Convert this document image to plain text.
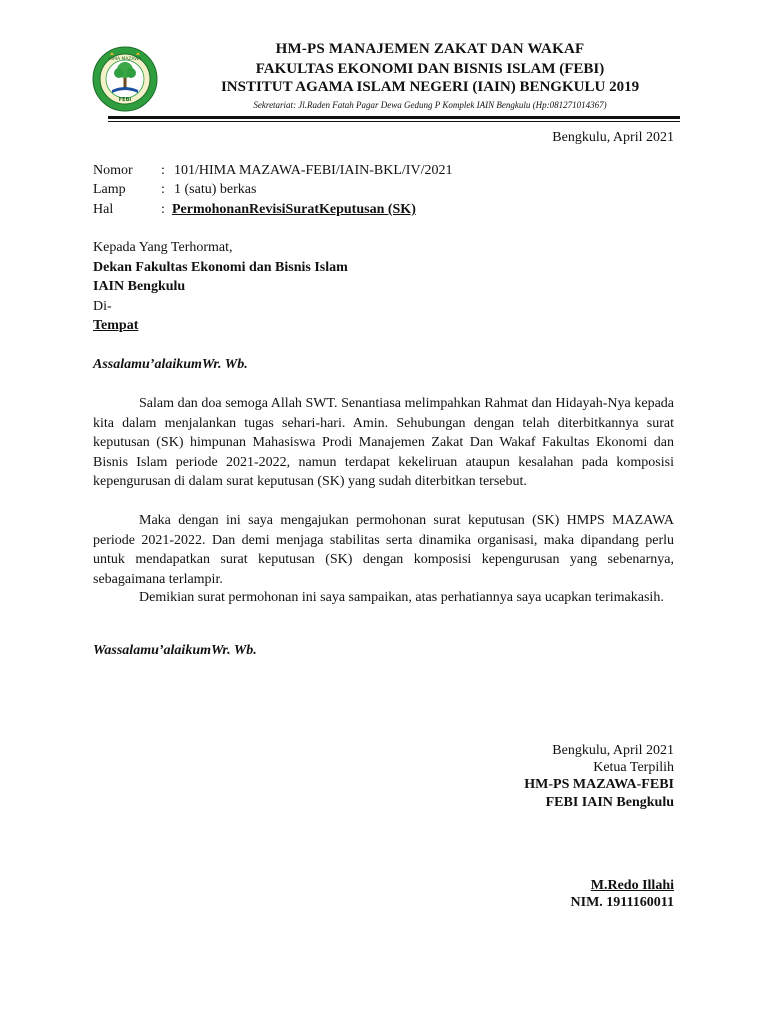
HIMA MAZAWA
FEBI
HM-PS MANAJEMEN ZAKAT DAN WAKAF
FAKULTAS EKONOMI DAN BISNIS ISLAM (FEBI)
INSTITUT AGAMA ISLAM NEGERI (IAIN) BENGKULU 2019
Sekretariat: Jl.Raden Fatah Pagar Dewa Gedung P Komplek IAIN Bengkulu (Hp:081271014367)
Bengkulu, April 2021
Nomor : 101/HIMA MAZAWA-FEBI/IAIN-BKL/IV/2021
Lamp	: 1 (satu) berkas
Hal	: PermohonanRevisiSuratKeputusan (SK)
Kepada Yang Terhormat,
Dekan Fakultas Ekonomi dan Bisnis Islam
IAIN Bengkulu
Di-
Tempat
Assalamu’alaikumWr. Wb.
Salam dan doa semoga Allah SWT. Senantiasa melimpahkan Rahmat dan Hidayah-Nya kepada kita dalam menjalankan tugas sehari-hari. Amin. Sehubungan dengan telah diterbitkannya surat keputusan (SK) himpunan Mahasiswa Prodi Manajemen Zakat Dan Wakaf Fakultas Ekonomi dan Bisnis Islam periode 2021-2022, namun terdapat kekeliruan ataupun kesalahan pada komposisi kepengurusan di dalam surat keputusan (SK) yang sudah diterbitkan tersebut.
Maka dengan ini saya mengajukan permohonan surat keputusan (SK) HMPS MAZAWA periode 2021-2022. Dan demi menjaga stabilitas serta dinamika organisasi, maka dipandang perlu untuk mendapatkan surat keputusan (SK) dengan komposisi kepengurusan yang sebenarnya, sebagaimana terlampir.
Demikian surat permohonan ini saya sampaikan, atas perhatiannya saya ucapkan terimakasih.
Wassalamu’alaikumWr. Wb.
Bengkulu, April 2021
Ketua Terpilih
HM-PS MAZAWA-FEBI
FEBI IAIN Bengkulu
M.Redo Illahi
NIM. 1911160011
